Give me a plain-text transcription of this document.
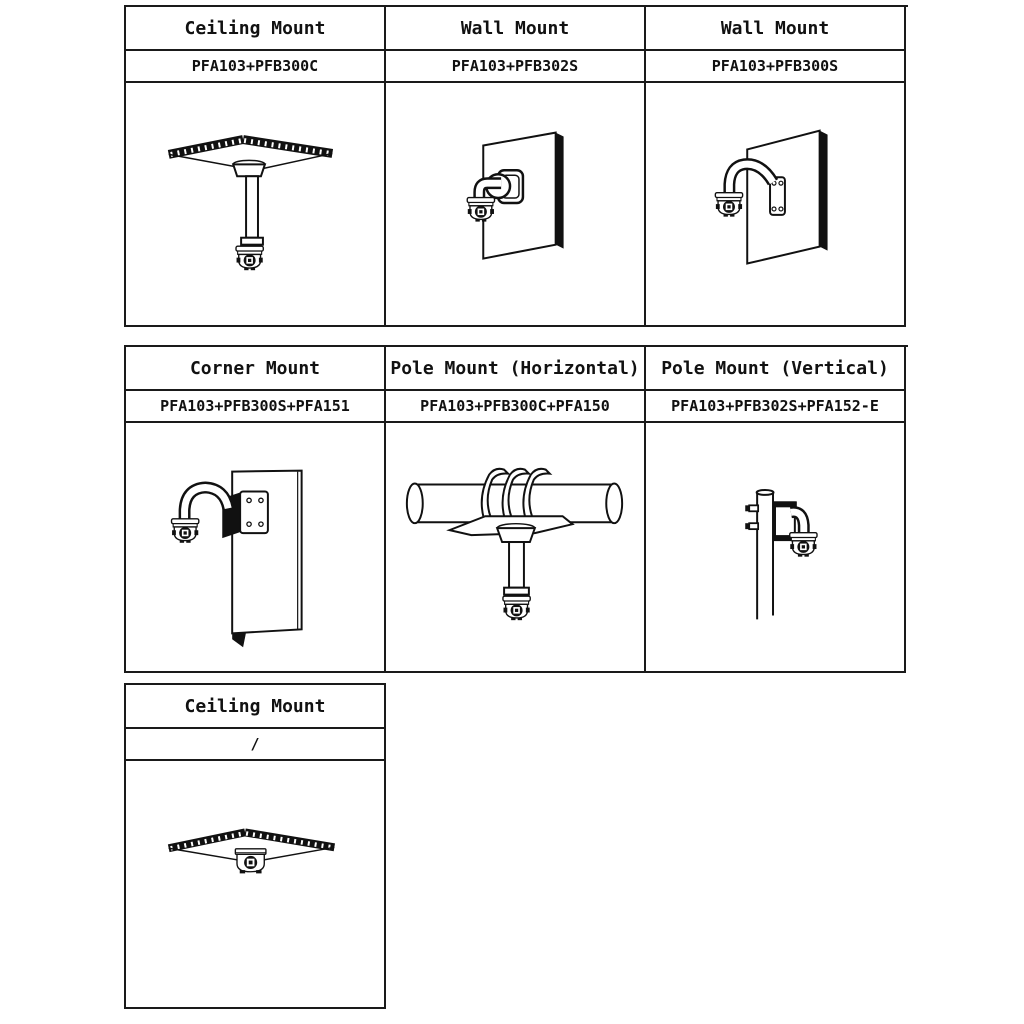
Ceiling Mount	Wall Mount	Wall Mount
PFA103+PFB300C	PFA103+PFB302S	PFA103+PFB300S
Corner Mount	Pole Mount (Horizontal)	Pole Mount (Vertical)
PFA103+PFB300S+PFA151	PFA103+PFB300C+PFA150	PFA103+PFB302S+PFA152-E
Ceiling Mount
/
